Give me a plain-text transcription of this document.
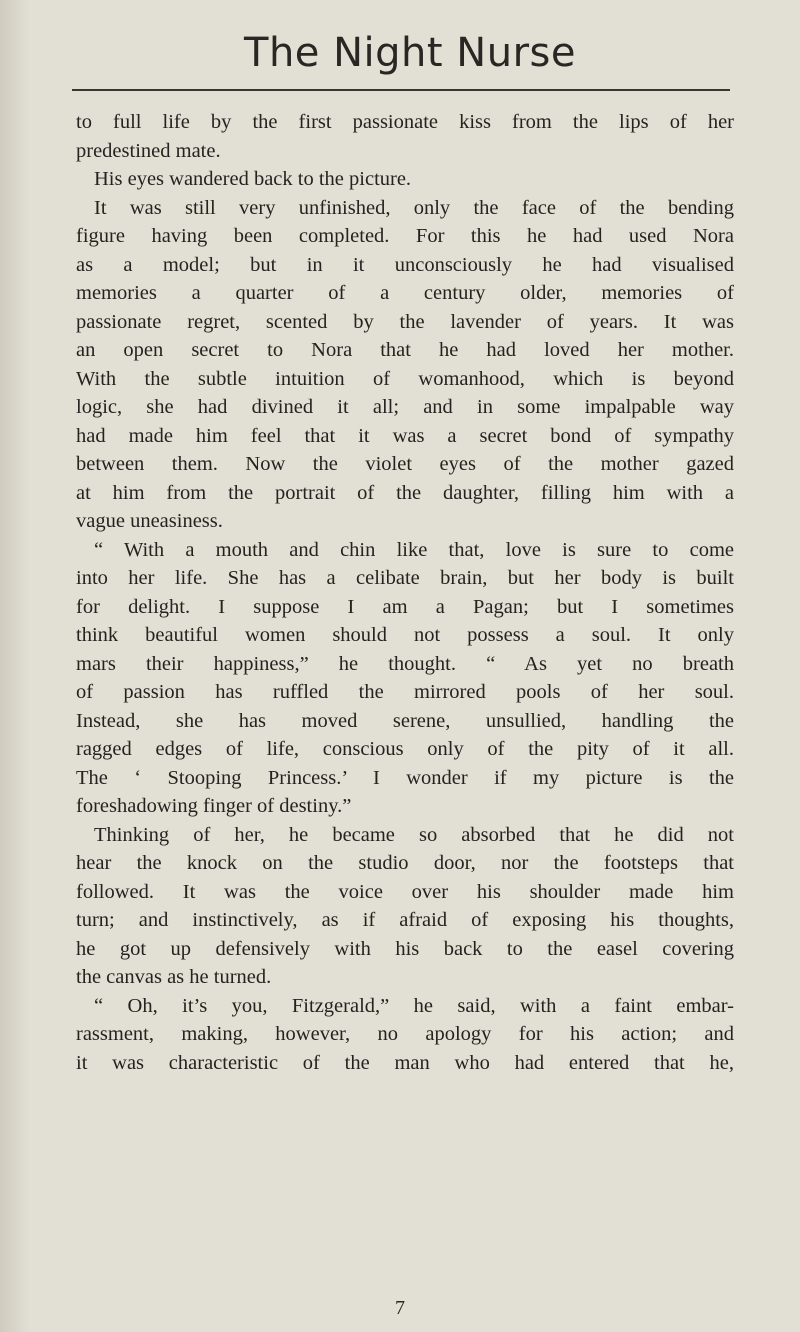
The Night Nurse
to full life by the first passionate kiss from the lips of her
predestined mate.
His eyes wandered back to the picture.
It was still very unfinished, only the face of the bending
figure having been completed. For this he had used Nora
as a model; but in it unconsciously he had visualised
memories a quarter of a century older, memories of
passionate regret, scented by the lavender of years. It was
an open secret to Nora that he had loved her mother.
With the subtle intuition of womanhood, which is beyond
logic, she had divined it all; and in some impalpable way
had made him feel that it was a secret bond of sympathy
between them. Now the violet eyes of the mother gazed
at him from the portrait of the daughter, filling him with a
vague uneasiness.
“ With a mouth and chin like that, love is sure to come
into her life. She has a celibate brain, but her body is built
for delight. I suppose I am a Pagan; but I sometimes
think beautiful women should not possess a soul. It only
mars their happiness,” he thought. “ As yet no breath
of passion has ruffled the mirrored pools of her soul.
Instead, she has moved serene, unsullied, handling the
ragged edges of life, conscious only of the pity of it all.
The ‘ Stooping Princess.’ I wonder if my picture is the
foreshadowing finger of destiny.”
Thinking of her, he became so absorbed that he did not
hear the knock on the studio door, nor the footsteps that
followed. It was the voice over his shoulder made him
turn; and instinctively, as if afraid of exposing his thoughts,
he got up defensively with his back to the easel covering
the canvas as he turned.
“ Oh, it’s you, Fitzgerald,” he said, with a faint embar-
rassment, making, however, no apology for his action; and
it was characteristic of the man who had entered that he,
7
